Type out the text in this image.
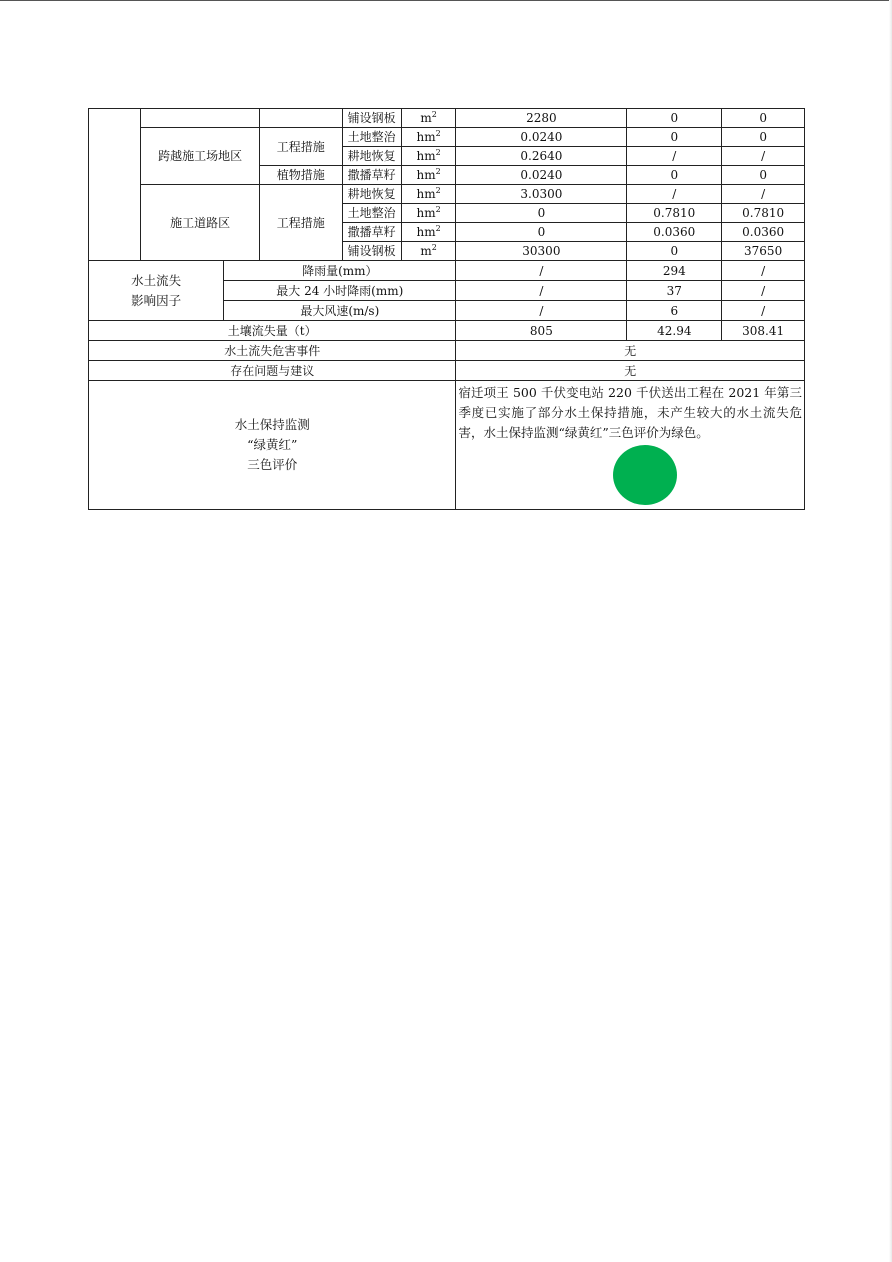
				铺设钢板	$m^2$	2280	0	0
	跨越施工场地区		工程措施	土地整治	$hm^2$	0.0240	0	0
				耕地恢复	$hm^2$	0.2640	/	/
			植物措施	撒播草籽	$hm^2$	0.0240	0	0
	施工道路区		工程措施	耕地恢复	$hm^2$	3.0300	/	/
				土地整治	$hm^2$	0	0.7810	0.7810
				撒播草籽	$hm^2$	0	0.0360	0.0360
				铺设钢板	$m^2$	30300	0	37650

水土流失
影响因子		降雨量(mm）				/	294	/
		最大 24 小时降雨(mm)				/	37	/
		最大风速(m/s)				/	6	/
土壤流失量（t）						805	42.94	308.41
水土流失危害事件						无		
存在问题与建议						无		

水土保持监测
“绿黄红”
三色评价						宿迁项王 500 千伏变电站 220 千伏送出工程在 2021 年第三季度已实施了部分水土保持措施，未产生较大的水土流失危害，水土保持监测“绿黄红”三色评价为绿色。		
